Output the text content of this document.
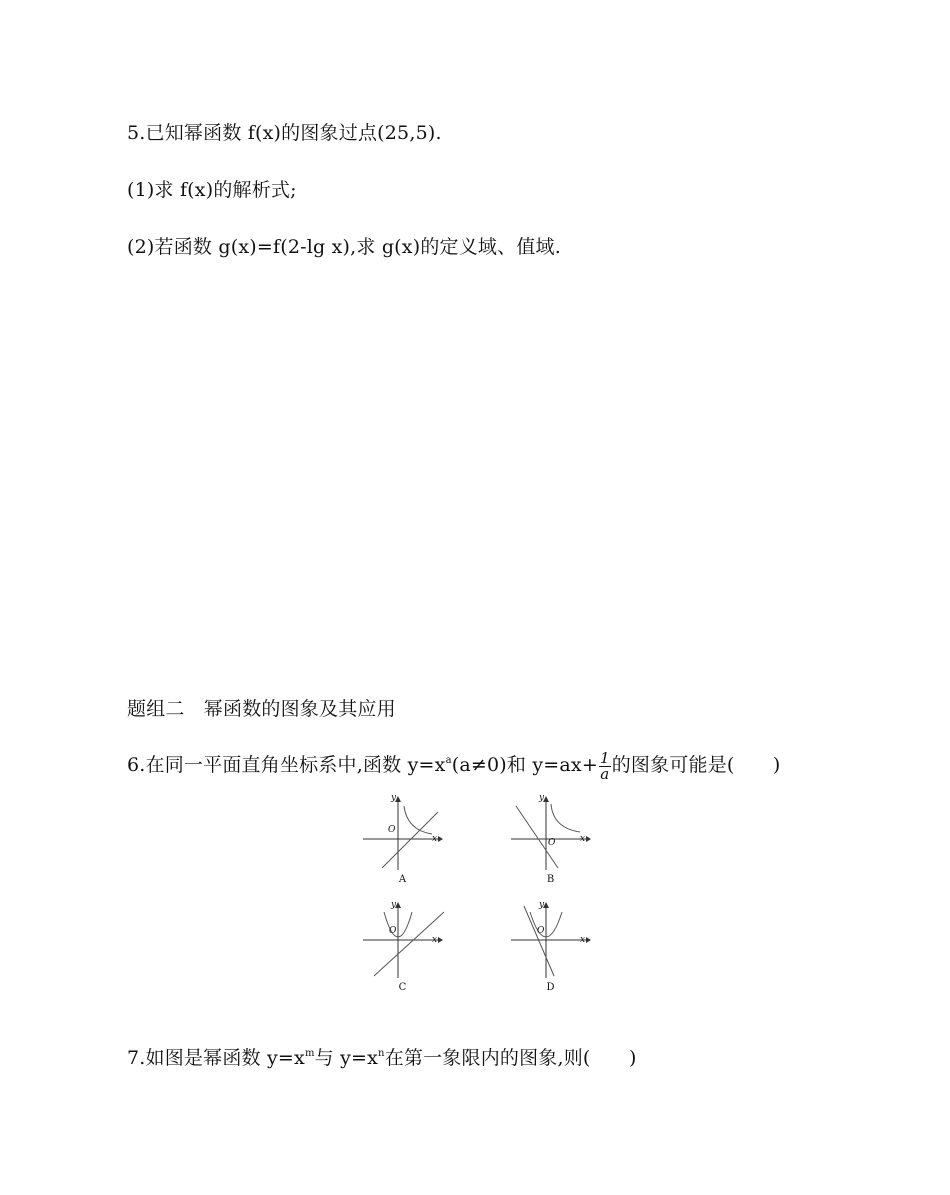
5.已知幂函数 f(x)的图象过点(25,5).
(1)求 f(x)的解析式;
(2)若函数 g(x)=f(2-lg x),求 g(x)的定义域、值域.
题组二　幂函数的图象及其应用
6.在同一平面直角坐标系中,函数 $y=x^a(a\ne 0)$和 $y=ax+ \frac{1}{a}$ 的图象可能是(　　)
y
x
O
A
y
x
O
B
y
x
O
C
y
x
O
D
7.如图是幂函数 $y=x^m$与 $y=x^n$在第一象限内的图象,则(　　)
